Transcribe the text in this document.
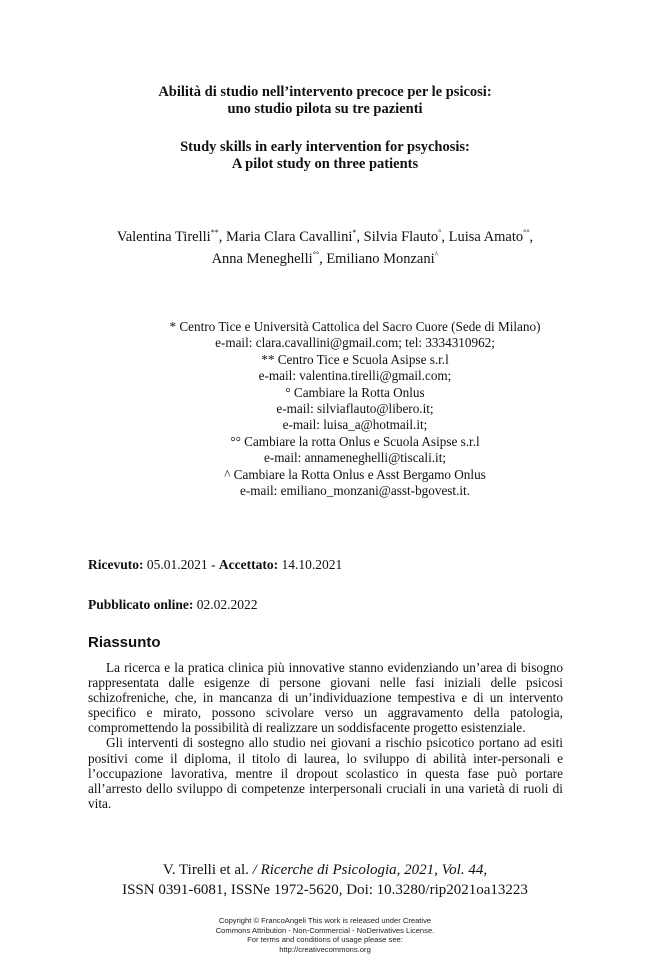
Abilità di studio nell’intervento precoce per le psicosi:
uno studio pilota su tre pazienti
Study skills in early intervention for psychosis:
A pilot study on three patients
Valentina Tirelli**, Maria Clara Cavallini*, Silvia Flauto°, Luisa Amato°°,
Anna Meneghelli°°, Emiliano Monzani^
* Centro Tice e Università Cattolica del Sacro Cuore (Sede di Milano)
e-mail: clara.cavallini@gmail.com; tel: 3334310962;
** Centro Tice e Scuola Asipse s.r.l
e-mail: valentina.tirelli@gmail.com;
° Cambiare la Rotta Onlus
e-mail: silviaflauto@libero.it;
e-mail: luisa_a@hotmail.it;
°° Cambiare la rotta Onlus e Scuola Asipse s.r.l
e-mail: annameneghelli@tiscali.it;
^ Cambiare la Rotta Onlus e Asst Bergamo Onlus
e-mail: emiliano_monzani@asst-bgovest.it.
Ricevuto: 05.01.2021 - Accettato: 14.10.2021
Pubblicato online: 02.02.2022
Riassunto

La ricerca e la pratica clinica più innovative stanno evidenziando un’area di bisogno rappresentata dalle esigenze di persone giovani nelle fasi iniziali delle psicosi schizofreniche, che, in mancanza di un’individuazione tempestiva e di un intervento specifico e mirato, possono scivolare verso un aggravamento della patologia, compromettendo la possibilità di realizzare un soddisfacente progetto esistenziale.

Gli interventi di sostegno allo studio nei giovani a rischio psicotico portano ad esiti positivi come il diploma, il titolo di laurea, lo sviluppo di abilità inter-personali e l’occupazione lavorativa, mentre il dropout scolastico in questa fase può portare all’arresto dello sviluppo di competenze interpersonali cruciali in una varietà di ruoli di vita.

V. Tirelli et al. / Ricerche di Psicologia, 2021, Vol. 44,
ISSN 0391-6081, ISSNe 1972-5620, Doi: 10.3280/rip2021oa13223
Copyright © FrancoAngeli This work is released under Creative
Commons Attribution - Non-Commercial - NoDerivatives License.
For terms and conditions of usage please see:
http://creativecommons.org
